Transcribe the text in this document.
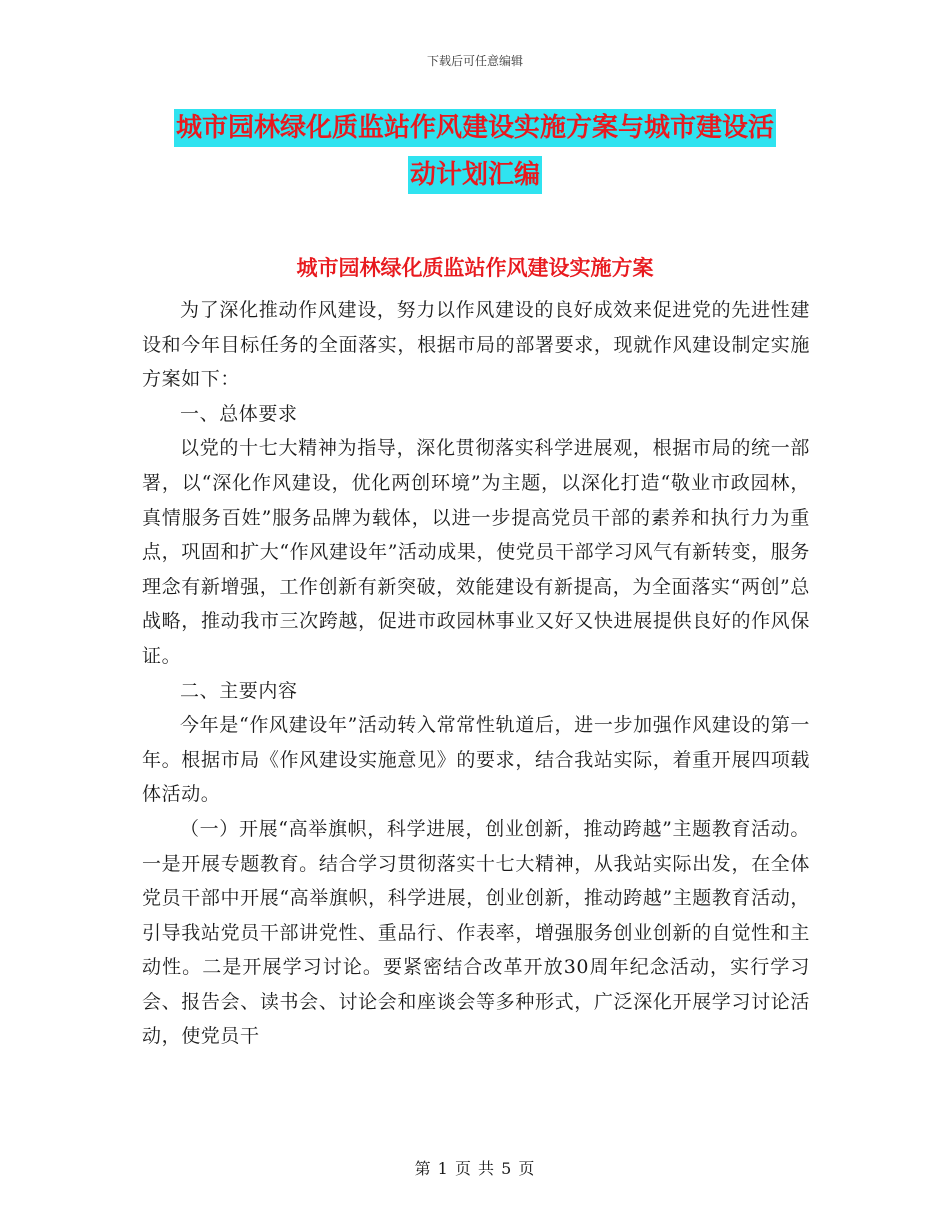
下载后可任意编辑
城市园林绿化质监站作风建设实施方案与城市建设活
动计划汇编
城市园林绿化质监站作风建设实施方案

为了深化推动作风建设，努力以作风建设的良好成效来促进党的先进性建设和今年目标任务的全面落实，根据市局的部署要求，现就作风建设制定实施方案如下：

一、总体要求

以党的十七大精神为指导，深化贯彻落实科学进展观，根据市局的统一部署，以“深化作风建设，优化两创环境”为主题，以深化打造“敬业市政园林，真情服务百姓”服务品牌为载体，以进一步提高党员干部的素养和执行力为重点，巩固和扩大“作风建设年”活动成果，使党员干部学习风气有新转变，服务理念有新增强，工作创新有新突破，效能建设有新提高，为全面落实“两创”总战略，推动我市三次跨越，促进市政园林事业又好又快进展提供良好的作风保证。

二、主要内容

今年是“作风建设年”活动转入常常性轨道后，进一步加强作风建设的第一年。根据市局《作风建设实施意见》的要求，结合我站实际，着重开展四项载体活动。

（一）开展“高举旗帜，科学进展，创业创新，推动跨越”主题教育活动。一是开展专题教育。结合学习贯彻落实十七大精神，从我站实际出发，在全体党员干部中开展“高举旗帜，科学进展，创业创新，推动跨越”主题教育活动，引导我站党员干部讲党性、重品行、作表率，增强服务创业创新的自觉性和主动性。二是开展学习讨论。要紧密结合改革开放30周年纪念活动，实行学习会、报告会、读书会、讨论会和座谈会等多种形式，广泛深化开展学习讨论活动，使党员干

第 1 页 共 5 页
